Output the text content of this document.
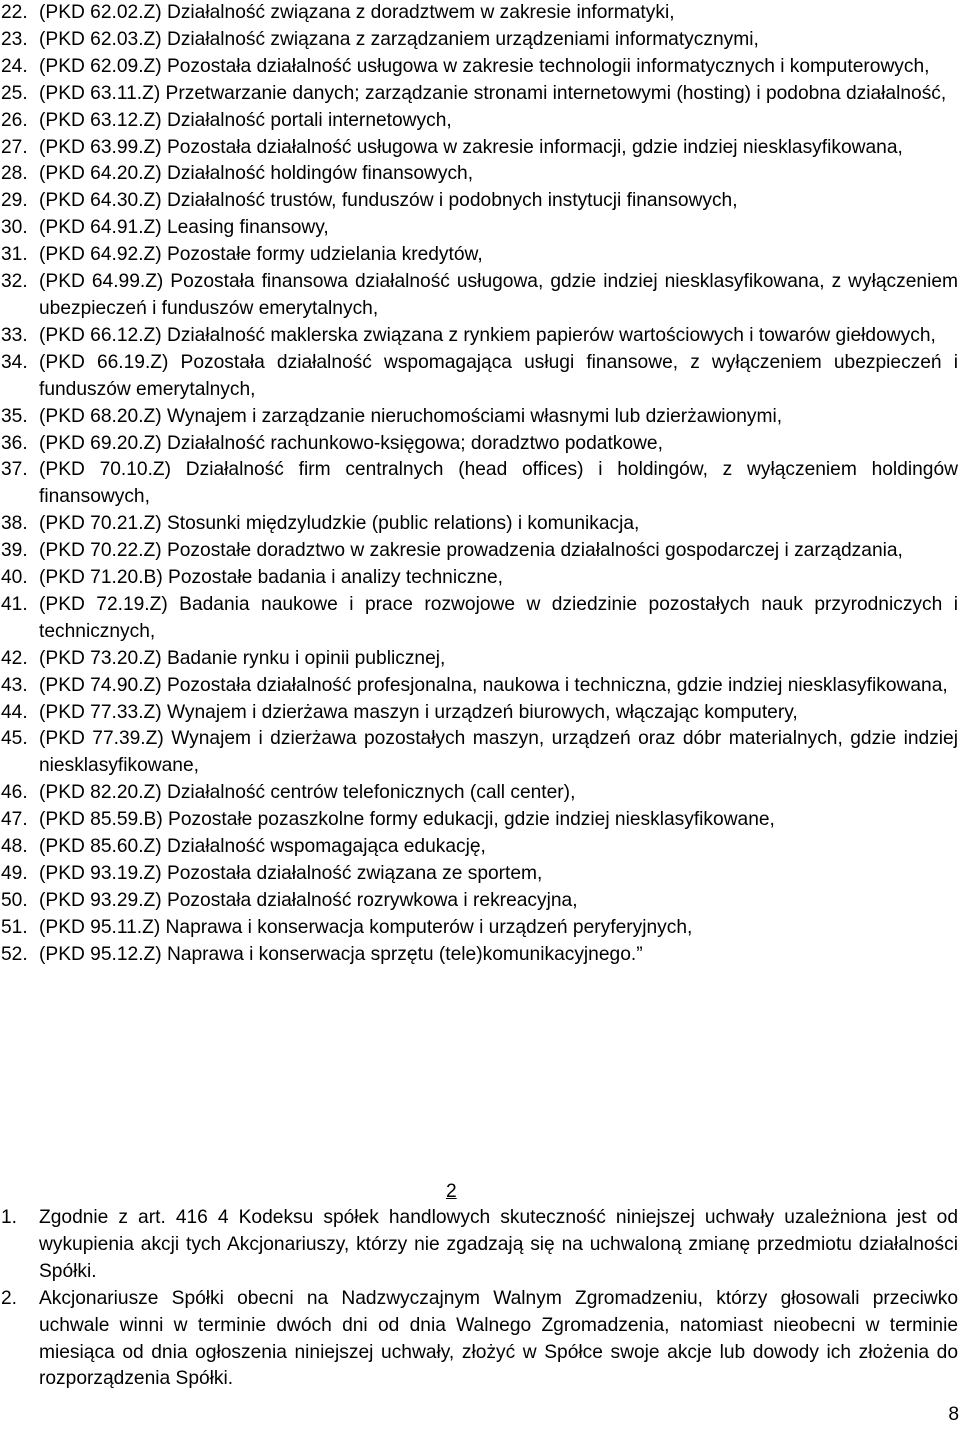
22. (PKD 62.02.Z) Działalność związana z doradztwem w zakresie informatyki,
23. (PKD 62.03.Z) Działalność związana z zarządzaniem urządzeniami informatycznymi,
24. (PKD 62.09.Z) Pozostała działalność usługowa w zakresie technologii informatycznych i komputerowych,
25. (PKD 63.11.Z) Przetwarzanie danych; zarządzanie stronami internetowymi (hosting) i podobna działalność,
26. (PKD 63.12.Z) Działalność portali internetowych,
27. (PKD 63.99.Z) Pozostała działalność usługowa w zakresie informacji, gdzie indziej niesklasyfikowana,
28. (PKD 64.20.Z) Działalność holdingów finansowych,
29. (PKD 64.30.Z) Działalność trustów, funduszów i podobnych instytucji finansowych,
30. (PKD 64.91.Z) Leasing finansowy,
31. (PKD 64.92.Z) Pozostałe formy udzielania kredytów,
32. (PKD 64.99.Z) Pozostała finansowa działalność usługowa, gdzie indziej niesklasyfikowana, z wyłączeniem ubezpieczeń i funduszów emerytalnych,
33. (PKD 66.12.Z) Działalność maklerska związana z rynkiem papierów wartościowych i towarów giełdowych,
34. (PKD 66.19.Z) Pozostała działalność wspomagająca usługi finansowe, z wyłączeniem ubezpieczeń i funduszów emerytalnych,
35. (PKD 68.20.Z) Wynajem i zarządzanie nieruchomościami własnymi lub dzierżawionymi,
36. (PKD 69.20.Z) Działalność rachunkowo-księgowa; doradztwo podatkowe,
37. (PKD 70.10.Z) Działalność firm centralnych (head offices) i holdingów, z wyłączeniem holdingów finansowych,
38. (PKD 70.21.Z) Stosunki międzyludzkie (public relations) i komunikacja,
39. (PKD 70.22.Z) Pozostałe doradztwo w zakresie prowadzenia działalności gospodarczej i zarządzania,
40. (PKD 71.20.B) Pozostałe badania i analizy techniczne,
41. (PKD 72.19.Z) Badania naukowe i prace rozwojowe w dziedzinie pozostałych nauk przyrodniczych i technicznych,
42. (PKD 73.20.Z) Badanie rynku i opinii publicznej,
43. (PKD 74.90.Z) Pozostała działalność profesjonalna, naukowa i techniczna, gdzie indziej niesklasyfikowana,
44. (PKD 77.33.Z) Wynajem i dzierżawa maszyn i urządzeń biurowych, włączając komputery,
45. (PKD 77.39.Z) Wynajem i dzierżawa pozostałych maszyn, urządzeń oraz dóbr materialnych, gdzie indziej niesklasyfikowane,
46. (PKD 82.20.Z) Działalność centrów telefonicznych (call center),
47. (PKD 85.59.B) Pozostałe pozaszkolne formy edukacji, gdzie indziej niesklasyfikowane,
48. (PKD 85.60.Z) Działalność wspomagająca edukację,
49. (PKD 93.19.Z) Pozostała działalność związana ze sportem,
50. (PKD 93.29.Z) Pozostała działalność rozrywkowa i rekreacyjna,
51. (PKD 95.11.Z) Naprawa i konserwacja komputerów i urządzeń peryferyjnych,
52. (PKD 95.12.Z) Naprawa i konserwacja sprzętu (tele)komunikacyjnego.”
2
1. Zgodnie z art. 416 4 Kodeksu spółek handlowych skuteczność niniejszej uchwały uzależniona jest od wykupienia akcji tych Akcjonariuszy, którzy nie zgadzają się na uchwaloną zmianę przedmiotu działalności Spółki.
2. Akcjonariusze Spółki obecni na Nadzwyczajnym Walnym Zgromadzeniu, którzy głosowali przeciwko uchwale winni w terminie dwóch dni od dnia Walnego Zgromadzenia, natomiast nieobecni w terminie miesiąca od dnia ogłoszenia niniejszej uchwały, złożyć w Spółce swoje akcje lub dowody ich złożenia do rozporządzenia Spółki.
8
